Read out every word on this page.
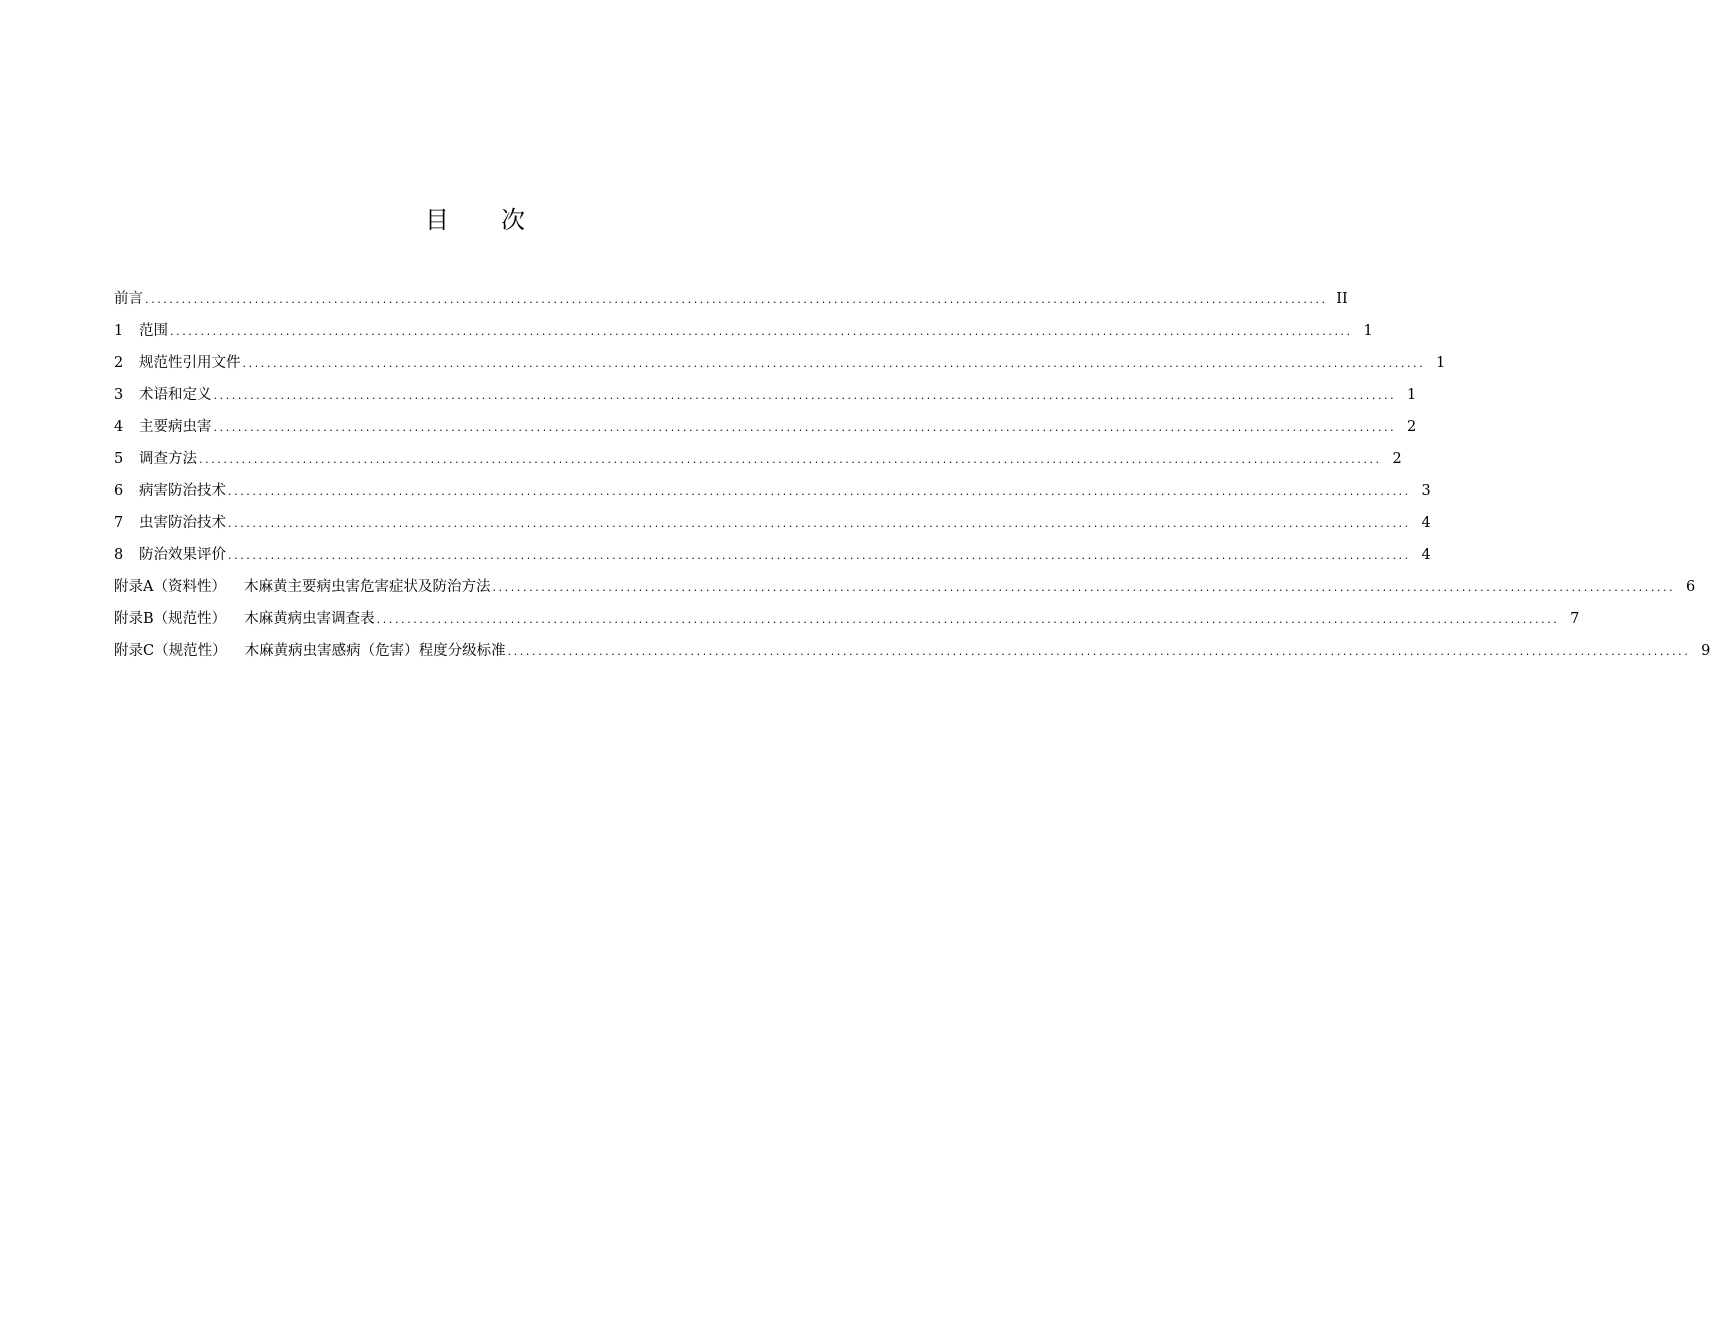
目 次
前言 .................................................................................................................................................................................................. II
1	范围 .................................................................................................................................................................................................. 1
2	规范性引用文件 .................................................................................................................................................................................................. 1
3	术语和定义 .................................................................................................................................................................................................. 1
4	主要病虫害 .................................................................................................................................................................................................. 2
5	调查方法 .................................................................................................................................................................................................. 2
6	病害防治技术 .................................................................................................................................................................................................. 3
7	虫害防治技术 .................................................................................................................................................................................................. 4
8	防治效果评价 .................................................................................................................................................................................................. 4
附录A（资料性） 木麻黄主要病虫害危害症状及防治方法 .................................................................................................................................................................................................. 6
附录B（规范性） 木麻黄病虫害调查表 .................................................................................................................................................................................................. 7
附录C（规范性） 木麻黄病虫害感病（危害）程度分级标准 .................................................................................................................................................................................................. 9
